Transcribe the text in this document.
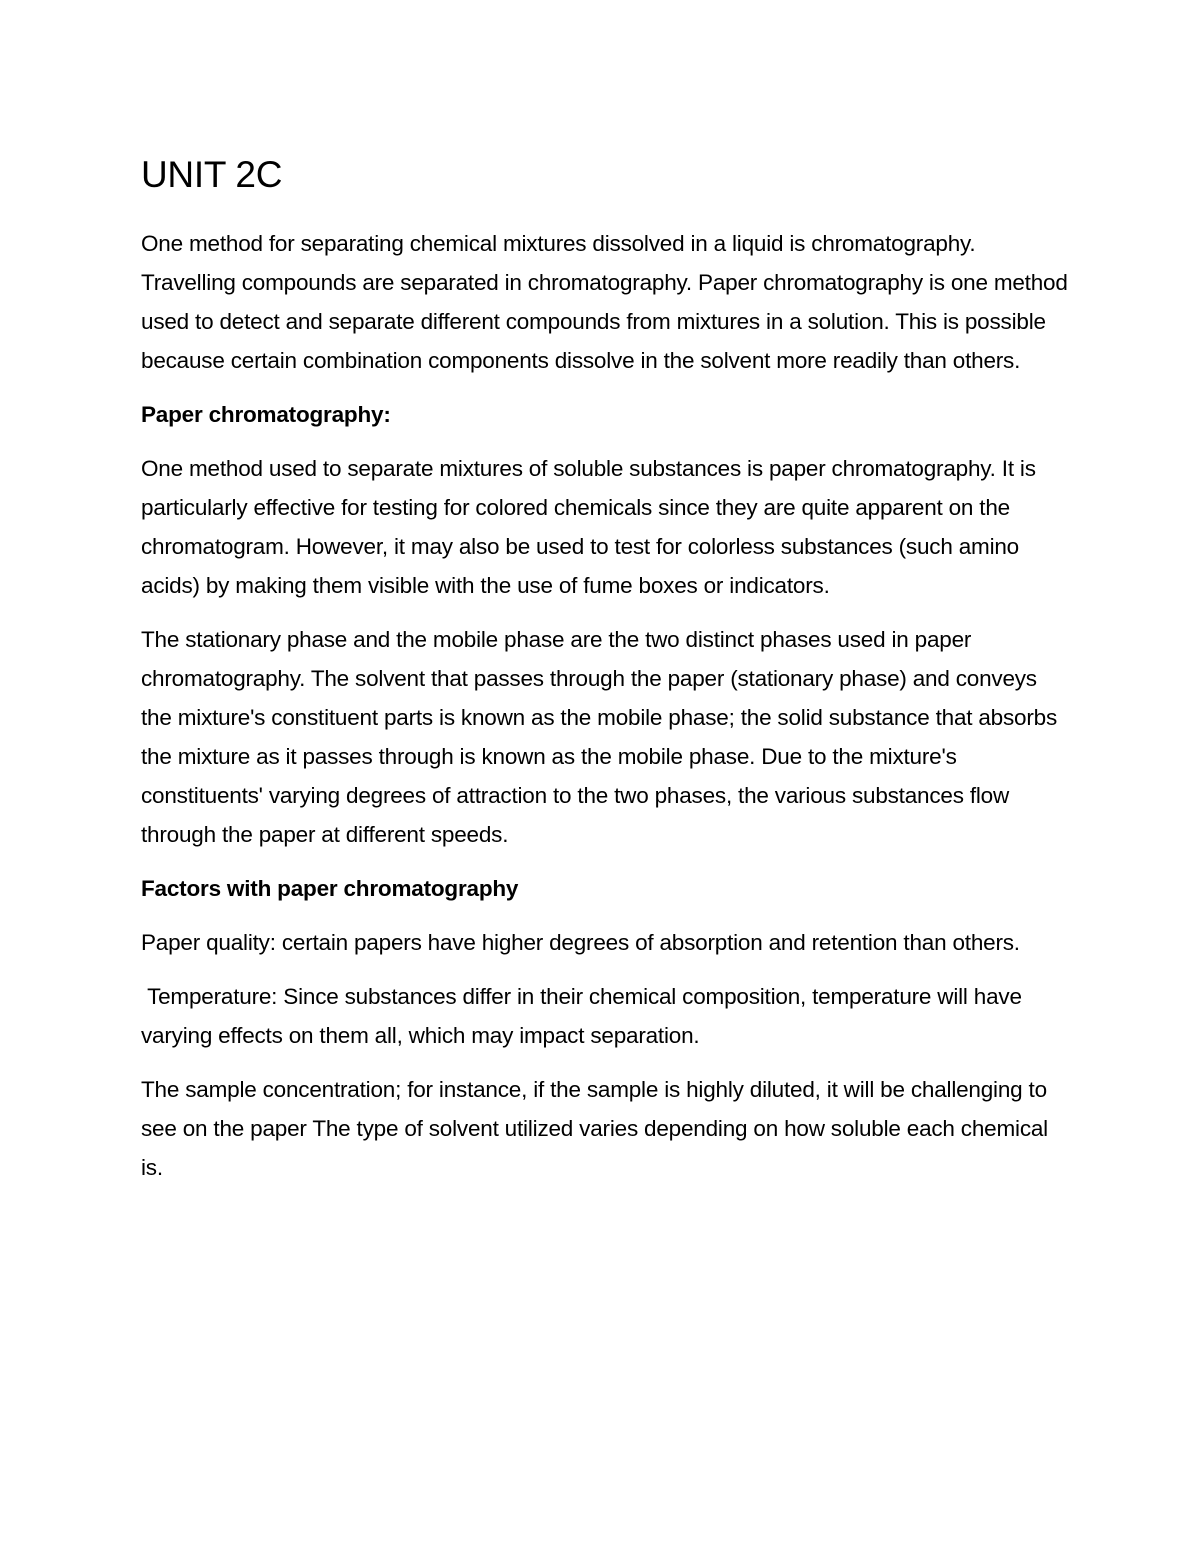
UNIT 2C

One method for separating chemical mixtures dissolved in a liquid is chromatography. Travelling compounds are separated in chromatography. Paper chromatography is one method used to detect and separate different compounds from mixtures in a solution. This is possible because certain combination components dissolve in the solvent more readily than others.

Paper chromatography:

One method used to separate mixtures of soluble substances is paper chromatography. It is particularly effective for testing for colored chemicals since they are quite apparent on the chromatogram. However, it may also be used to test for colorless substances (such amino acids) by making them visible with the use of fume boxes or indicators.

The stationary phase and the mobile phase are the two distinct phases used in paper chromatography. The solvent that passes through the paper (stationary phase) and conveys the mixture's constituent parts is known as the mobile phase; the solid substance that absorbs the mixture as it passes through is known as the mobile phase. Due to the mixture's constituents' varying degrees of attraction to the two phases, the various substances flow through the paper at different speeds.

Factors with paper chromatography

Paper quality: certain papers have higher degrees of absorption and retention than others.

Temperature: Since substances differ in their chemical composition, temperature will have varying effects on them all, which may impact separation.

The sample concentration; for instance, if the sample is highly diluted, it will be challenging to see on the paper The type of solvent utilized varies depending on how soluble each chemical is.
